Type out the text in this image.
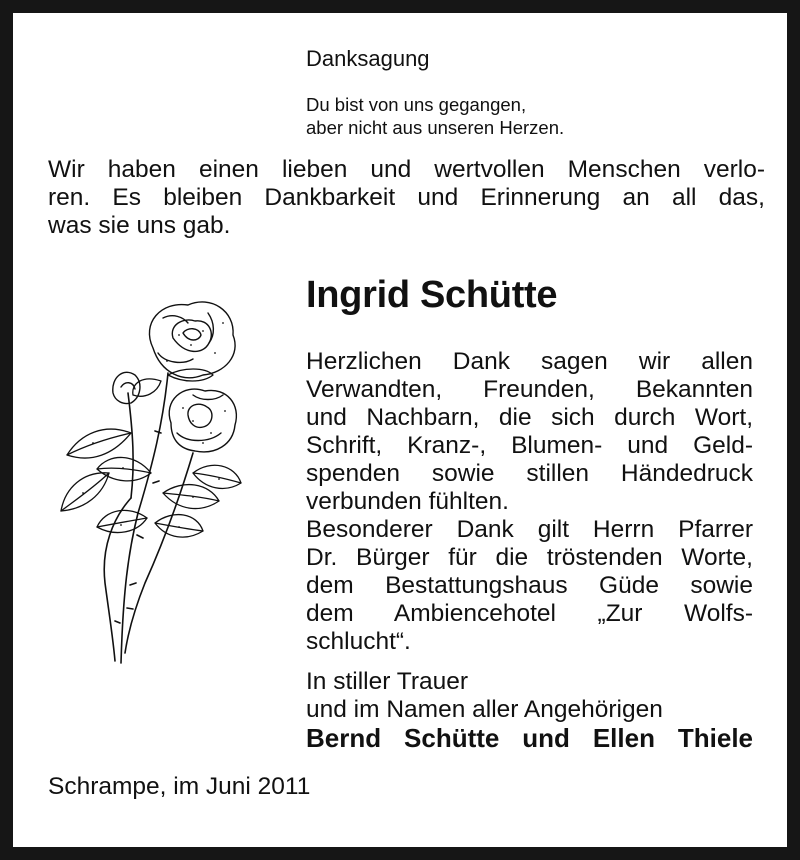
Danksagung

Du bist von uns gegangen,
aber nicht aus unseren Herzen.

Wir haben einen lieben und wertvollen Menschen verlo-
ren. Es bleiben Dankbarkeit und Erinnerung an all das,
was sie uns gab.

Ingrid Schütte

Herzlichen Dank sagen wir allen
Verwandten, Freunden, Bekannten
und Nachbarn, die sich durch Wort,
Schrift, Kranz-, Blumen- und Geld-
spenden sowie stillen Händedruck
verbunden fühlten.

Besonderer Dank gilt Herrn Pfarrer
Dr. Bürger für die tröstenden Worte,
dem Bestattungshaus Güde sowie
dem Ambiencehotel „Zur Wolfs-
schlucht“.

In stiller Trauer
und im Namen aller Angehörigen

Bernd Schütte und Ellen Thiele

Schrampe, im Juni 2011
